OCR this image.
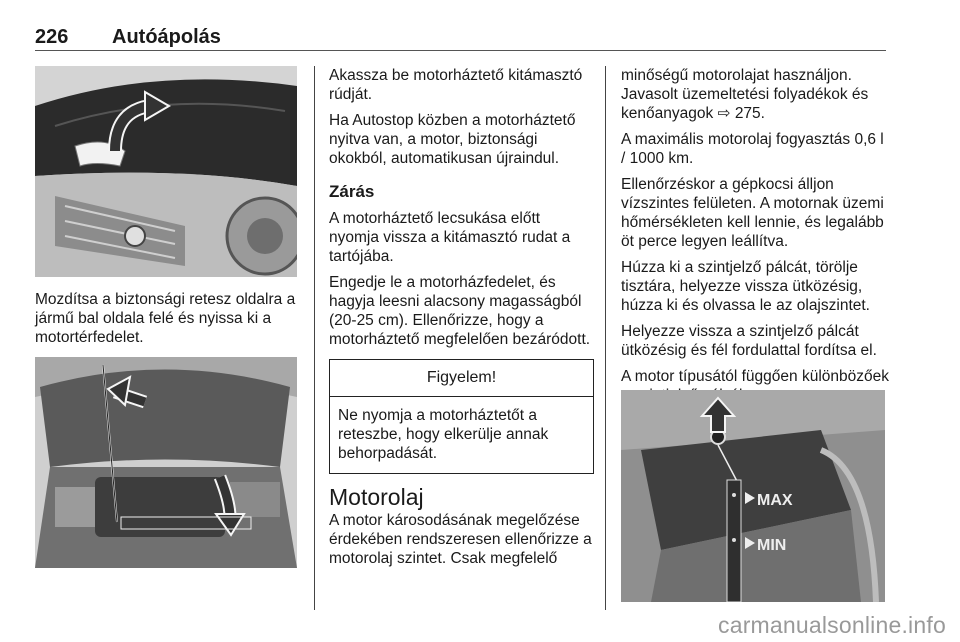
226 Autóápolás

Mozdítsa a biztonsági retesz oldalra a jármű bal oldala felé és nyissa ki a motortérfedelet.

Akassza be motorháztető kitámasztó rúdját.

Ha Autostop közben a motorháztető nyitva van, a motor, biztonsági okokból, automatikusan újraindul.

Zárás

A motorháztető lecsukása előtt nyomja vissza a kitámasztó rudat a tartójába.

Engedje le a motorházfedelet, és hagyja leesni alacsony magasságból (20-25 cm). Ellenőrizze, hogy a motorháztető megfelelően bezáródott.

Figyelem!
Ne nyomja a motorháztetőt a reteszbe, hogy elkerülje annak behorpadását.
Motorolaj

A motor károsodásának megelőzése érdekében rendszeresen ellenőrizze a motorolaj szintet. Csak megfelelő

minőségű motorolajat használjon. Javasolt üzemeltetési folyadékok és kenőanyagok ⇨ 275.

A maximális motorolaj fogyasztás 0,6 l / 1000 km.

Ellenőrzéskor a gépkocsi álljon vízszintes felületen. A motornak üzemi hőmérsékleten kell lennie, és legalább öt perce legyen leállítva.

Húzza ki a szintjelző pálcát, törölje tisztára, helyezze vissza ütközésig, húzza ki és olvassa le az olajszintet.

Helyezze vissza a szintjelző pálcát ütközésig és fél fordulattal fordítsa el.

A motor típusától függően különbözőek

MAX
MIN
carmanualsonline.info
